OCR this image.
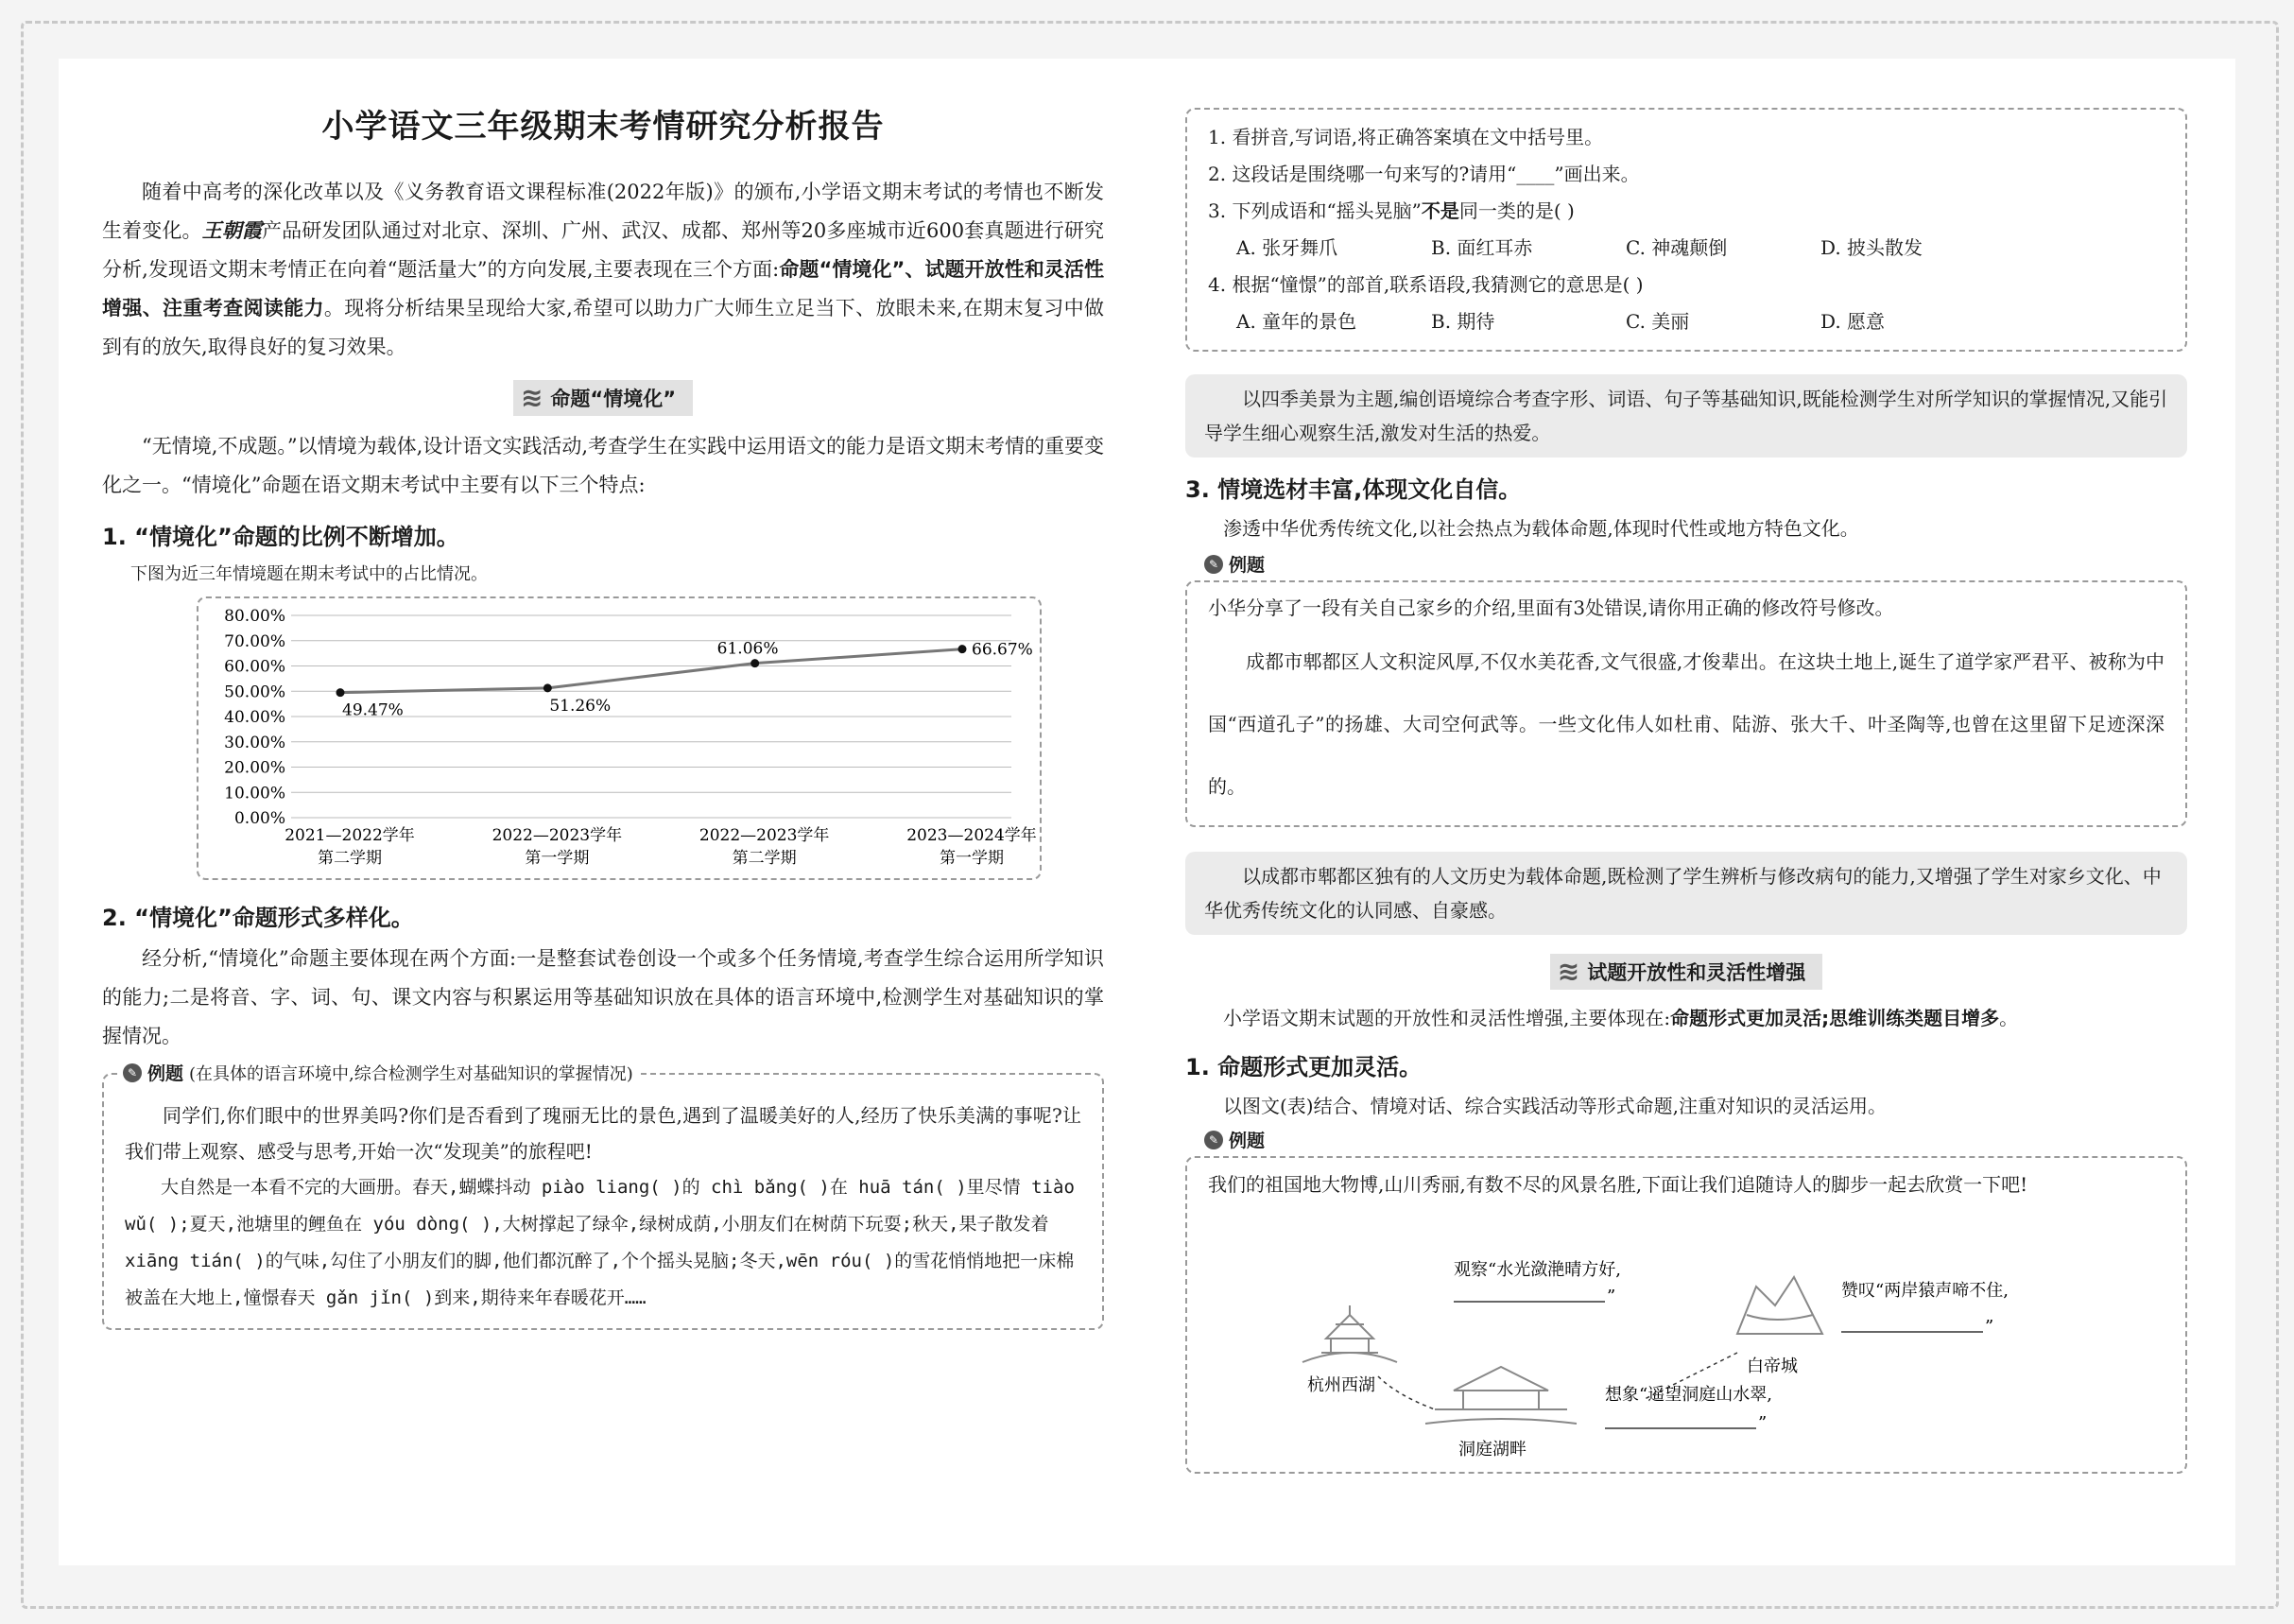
小学语文三年级期末考情研究分析报告

随着中高考的深化改革以及《义务教育语文课程标准(2022年版)》的颁布,小学语文期末考试的考情也不断发生着变化。王朝霞产品研发团队通过对北京、深圳、广州、武汉、成都、郑州等20多座城市近600套真题进行研究分析,发现语文期末考情正在向着“题活量大”的方向发展,主要表现在三个方面:命题“情境化”、试题开放性和灵活性增强、注重考查阅读能力。现将分析结果呈现给大家,希望可以助力广大师生立足当下、放眼未来,在期末复习中做到有的放矢,取得良好的复习效果。

≋ 命题“情境化”

“无情境,不成题。”以情境为载体,设计语文实践活动,考查学生在实践中运用语文的能力是语文期末考情的重要变化之一。“情境化”命题在语文期末考试中主要有以下三个特点:

1. “情境化”命题的比例不断增加。
下图为近三年情境题在期末考试中的占比情况。
0.00%
10.00%
20.00%
30.00%
40.00%
50.00%
60.00%
70.00%
80.00%
2021—2022学年
第二学期
2022—2023学年
第一学期
2022—2023学年
第二学期
2023—2024学年
第一学期
49.47%	51.26%
61.06%	66.67%
2. “情境化”命题形式多样化。

经分析,“情境化”命题主要体现在两个方面:一是整套试卷创设一个或多个任务情境,考查学生综合运用所学知识的能力;二是将音、字、词、句、课文内容与积累运用等基础知识放在具体的语言环境中,检测学生对基础知识的掌握情况。

✎ 例题 (在具体的语言环境中,综合检测学生对基础知识的掌握情况)

同学们,你们眼中的世界美吗?你们是否看到了瑰丽无比的景色,遇到了温暖美好的人,经历了快乐美满的事呢?让我们带上观察、感受与思考,开始一次“发现美”的旅程吧!

大自然是一本看不完的大画册。春天,蝴蝶抖动 piào liang( )的 chì bǎng( )在 huā tán( )里尽情 tiào wǔ( );夏天,池塘里的鲤鱼在 yóu dòng( ),大树撑起了绿伞,绿树成荫,小朋友们在树荫下玩耍;秋天,果子散发着 xiāng tián( )的气味,勾住了小朋友们的脚,他们都沉醉了,个个摇头晃脑;冬天,wēn róu( )的雪花悄悄地把一床棉被盖在大地上,憧憬春天 gǎn jǐn( )到来,期待来年春暖花开……

1. 看拼音,写词语,将正确答案填在文中括号里。
2. 这段话是围绕哪一句来写的?请用“____”画出来。
3. 下列成语和“摇头晃脑”不是同一类的是( )
A. 张牙舞爪	B. 面红耳赤	C. 神魂颠倒	D. 披头散发
4. 根据“憧憬”的部首,联系语段,我猜测它的意思是( )
A. 童年的景色	B. 期待	C. 美丽	D. 愿意
以四季美景为主题,编创语境综合考查字形、词语、句子等基础知识,既能检测学生对所学知识的掌握情况,又能引导学生细心观察生活,激发对生活的热爱。
3. 情境选材丰富,体现文化自信。

渗透中华优秀传统文化,以社会热点为载体命题,体现时代性或地方特色文化。

✎ 例题
小华分享了一段有关自己家乡的介绍,里面有3处错误,请你用正确的修改符号修改。

成都市郫都区人文积淀风厚,不仅水美花香,文气很盛,才俊辈出。在这块土地上,诞生了道学家严君平、被称为中国“西道孔子”的扬雄、大司空何武等。一些文化伟人如杜甫、陆游、张大千、叶圣陶等,也曾在这里留下足迹深深的。

以成都市郫都区独有的人文历史为载体命题,既检测了学生辨析与修改病句的能力,又增强了学生对家乡文化、中华优秀传统文化的认同感、自豪感。
≋ 试题开放性和灵活性增强

小学语文期末试题的开放性和灵活性增强,主要体现在:命题形式更加灵活;思维训练类题目增多。

1. 命题形式更加灵活。

以图文(表)结合、情境对话、综合实践活动等形式命题,注重对知识的灵活运用。

✎ 例题

我们的祖国地大物博,山川秀丽,有数不尽的风景名胜,下面让我们追随诗人的脚步一起去欣赏一下吧!

杭州西湖
观察“水光潋滟晴方好,
”
白帝城
赞叹“两岸猿声啼不住,
”
洞庭湖畔
想象“遥望洞庭山水翠,
”
